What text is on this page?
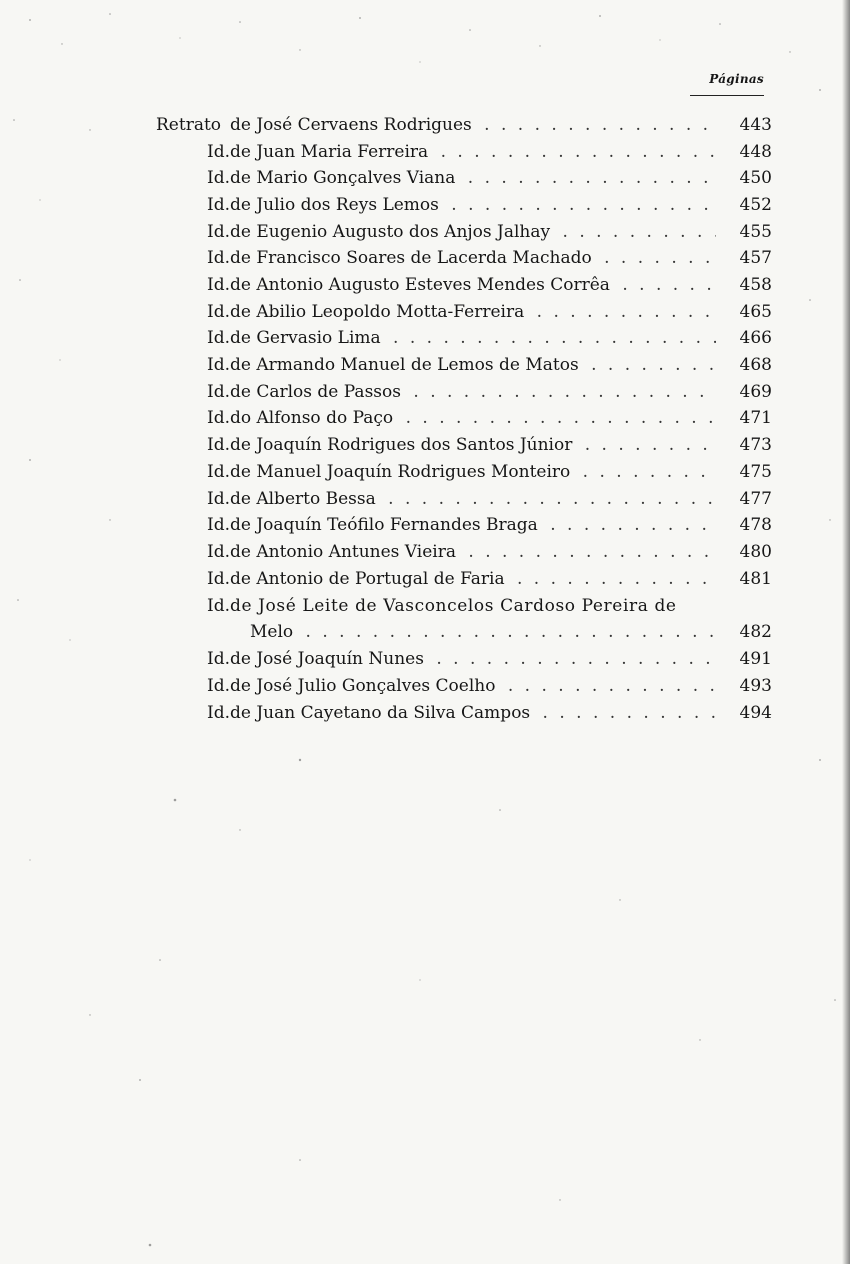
Páginas
Retrato de José Cervaens Rodrigues . . .	443
Id. de Juan Maria Ferreira . . .	448
Id. de Mario Gonçalves Viana . . .	450
Id. de Julio dos Reys Lemos . . .	452
Id. de Eugenio Augusto dos Anjos Jalhay . . .	455
Id. de Francisco Soares de Lacerda Machado . . .	457
Id. de Antonio Augusto Esteves Mendes Corrêa . . .	458
Id. de Abilio Leopoldo Motta-Ferreira . . .	465
Id. de Gervasio Lima . . .	466
Id. de Armando Manuel de Lemos de Matos . . .	468
Id. de Carlos de Passos . . .	469
Id. do Alfonso do Paço . . .	471
Id. de Joaquín Rodrigues dos Santos Júnior . . .	473
Id. de Manuel Joaquín Rodrigues Monteiro . . .	475
Id. de Alberto Bessa . . .	477
Id. de Joaquín Teófilo Fernandes Braga . . .	478
Id. de Antonio Antunes Vieira . . .	480
Id. de Antonio de Portugal de Faria . . .	481
Id. de José Leite de Vasconcelos Cardoso Pereira de
Melo . . .	482
Id. de José Joaquín Nunes . . .	491
Id. de José Julio Gonçalves Coelho . . .	493
Id. de Juan Cayetano da Silva Campos . . .	494
